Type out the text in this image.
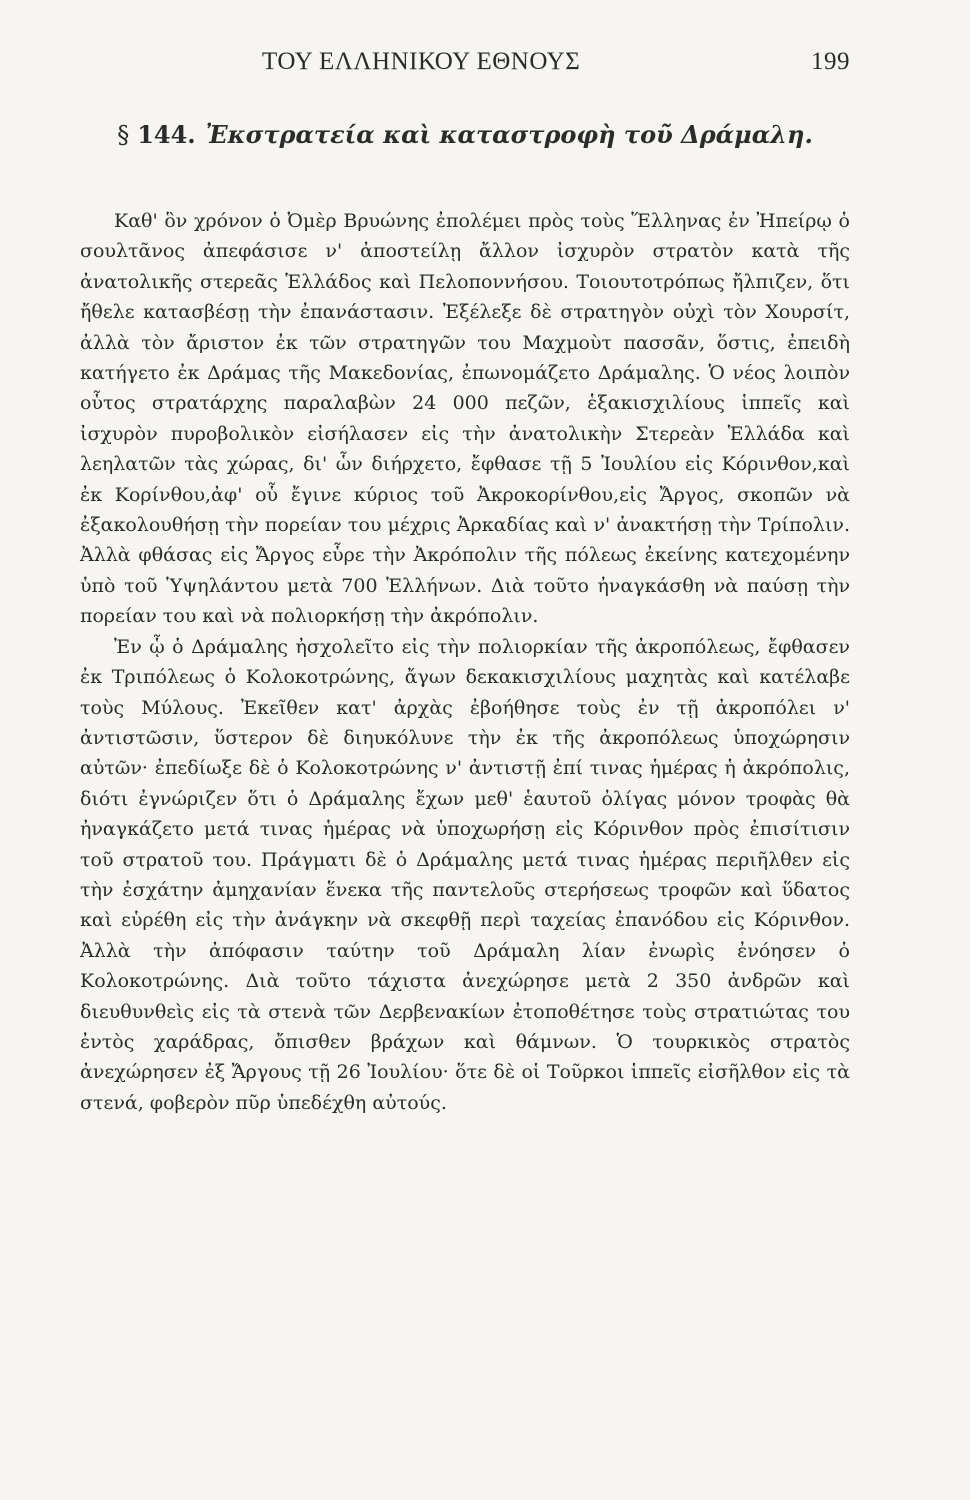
ΤΟΥ ΕΛΛΗΝΙΚΟΥ ΕΘΝΟΥΣ	199
§ 144. Ἐκστρατεία καὶ καταστροφὴ τοῦ Δράμαλη.

Καθ' ὃν χρόνον ὁ Ὀμὲρ Βρυώνης ἐπολέμει πρὸς τοὺς Ἕλληνας ἐν Ἠπείρῳ ὁ σουλτᾶνος ἀπεφάσισε ν' ἀποστείλῃ ἄλλον ἰσχυρὸν στρατὸν κατὰ τῆς ἀνατολικῆς στερεᾶς Ἑλλάδος καὶ Πελοποννήσου. Τοιουτοτρόπως ἤλπιζεν, ὅτι ἤθελε κατασβέσῃ τὴν ἐπανάστασιν. Ἐξέλεξε δὲ στρατηγὸν οὐχὶ τὸν Χουρσίτ, ἀλλὰ τὸν ἄριστον ἐκ τῶν στρατηγῶν του Μαχμοὺτ πασσᾶν, ὅστις, ἐπειδὴ κατήγετο ἐκ Δράμας τῆς Μακεδονίας, ἐπωνομάζετο Δράμαλης. Ὁ νέος λοιπὸν οὗτος στρατάρχης παραλαβὼν 24 000 πεζῶν, ἑξακισχιλίους ἱππεῖς καὶ ἰσχυρὸν πυροβολικὸν εἰσήλασεν εἰς τὴν ἀνατολικὴν Στερεὰν Ἑλλάδα καὶ λεηλατῶν τὰς χώρας, δι' ὧν διήρχετο, ἔφθασε τῇ 5 Ἰουλίου εἰς Κόρινθον,καὶ ἐκ Κορίνθου,ἀφ' οὗ ἔγινε κύριος τοῦ Ἀκροκορίνθου,εἰς Ἄργος, σκοπῶν νὰ ἐξακολουθήσῃ τὴν πορείαν του μέχρις Ἀρκαδίας καὶ ν' ἀνακτήσῃ τὴν Τρίπολιν. Ἀλλὰ φθάσας εἰς Ἄργος εὗρε τὴν Ἀκρόπολιν τῆς πόλεως ἐκείνης κατεχομένην ὑπὸ τοῦ Ὑψηλάντου μετὰ 700 Ἑλλήνων. Διὰ τοῦτο ἠναγκάσθη νὰ παύσῃ τὴν πορείαν του καὶ νὰ πολιορκήσῃ τὴν ἀκρόπολιν.

Ἐν ᾧ ὁ Δράμαλης ἠσχολεῖτο εἰς τὴν πολιορκίαν τῆς ἀκροπόλεως, ἔφθασεν ἐκ Τριπόλεως ὁ Κολοκοτρώνης, ἄγων δεκακισχιλίους μαχητὰς καὶ κατέλαβε τοὺς Μύλους. Ἐκεῖθεν κατ' ἀρχὰς ἐβοήθησε τοὺς ἐν τῇ ἀκροπόλει ν' ἀντιστῶσιν, ὕστερον δὲ διηυκόλυνε τὴν ἐκ τῆς ἀκροπόλεως ὑποχώρησιν αὐτῶν· ἐπεδίωξε δὲ ὁ Κολοκοτρώνης ν' ἀντιστῇ ἐπί τινας ἡμέρας ἡ ἀκρόπολις, διότι ἐγνώριζεν ὅτι ὁ Δράμαλης ἔχων μεθ' ἑαυτοῦ ὀλίγας μόνον τροφὰς θὰ ἠναγκάζετο μετά τινας ἡμέρας νὰ ὑποχωρήσῃ εἰς Κόρινθον πρὸς ἐπισίτισιν τοῦ στρατοῦ του. Πράγματι δὲ ὁ Δράμαλης μετά τινας ἡμέρας περιῆλθεν εἰς τὴν ἐσχάτην ἀμηχανίαν ἕνεκα τῆς παντελοῦς στερήσεως τροφῶν καὶ ὕδατος καὶ εὑρέθη εἰς τὴν ἀνάγκην νὰ σκεφθῇ περὶ ταχείας ἐπανόδου εἰς Κόρινθον. Ἀλλὰ τὴν ἀπόφασιν ταύτην τοῦ Δράμαλη λίαν ἐνωρὶς ἐνόησεν ὁ Κολοκοτρώνης. Διὰ τοῦτο τάχιστα ἀνεχώρησε μετὰ 2 350 ἀνδρῶν καὶ διευθυνθεὶς εἰς τὰ στενὰ τῶν Δερβενακίων ἐτοποθέτησε τοὺς στρατιώτας του ἐντὸς χαράδρας, ὄπισθεν βράχων καὶ θάμνων. Ὁ τουρκικὸς στρατὸς ἀνεχώρησεν ἐξ Ἄργους τῇ 26 Ἰουλίου· ὅτε δὲ οἱ Τοῦρκοι ἱππεῖς εἰσῆλθον εἰς τὰ στενά, φοβερὸν πῦρ ὑπεδέχθη αὐτούς.
